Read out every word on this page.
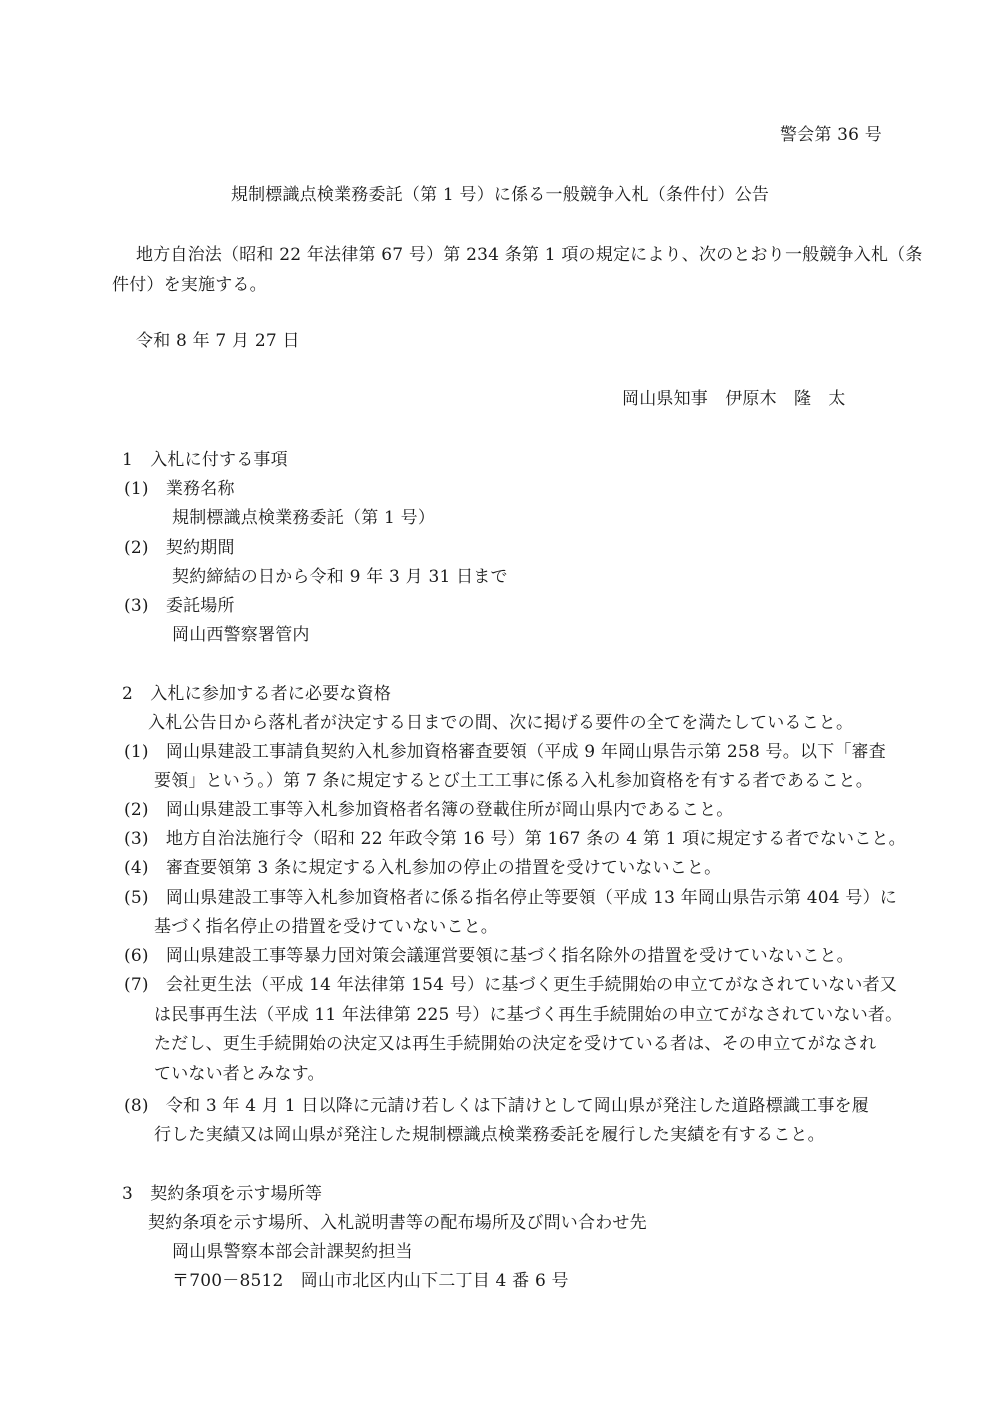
警会第 36 号
規制標識点検業務委託（第 1 号）に係る一般競争入札（条件付）公告
地方自治法（昭和 22 年法律第 67 号）第 234 条第 1 項の規定により、次のとおり一般競争入札（条
件付）を実施する。
令和 8 年 7 月 27 日
岡山県知事　伊原木　隆　太
1　入札に付する事項
(1)　業務名称
規制標識点検業務委託（第 1 号）
(2)　契約期間
契約締結の日から令和 9 年 3 月 31 日まで
(3)　委託場所
岡山西警察署管内
2　入札に参加する者に必要な資格
入札公告日から落札者が決定する日までの間、次に掲げる要件の全てを満たしていること。
(1)　岡山県建設工事請負契約入札参加資格審査要領（平成 9 年岡山県告示第 258 号。以下「審査
要領」という。）第 7 条に規定するとび土工工事に係る入札参加資格を有する者であること。
(2)　岡山県建設工事等入札参加資格者名簿の登載住所が岡山県内であること。
(3)　地方自治法施行令（昭和 22 年政令第 16 号）第 167 条の 4 第 1 項に規定する者でないこと。
(4)　審査要領第 3 条に規定する入札参加の停止の措置を受けていないこと。
(5)　岡山県建設工事等入札参加資格者に係る指名停止等要領（平成 13 年岡山県告示第 404 号）に
基づく指名停止の措置を受けていないこと。
(6)　岡山県建設工事等暴力団対策会議運営要領に基づく指名除外の措置を受けていないこと。
(7)　会社更生法（平成 14 年法律第 154 号）に基づく更生手続開始の申立てがなされていない者又
は民事再生法（平成 11 年法律第 225 号）に基づく再生手続開始の申立てがなされていない者。
ただし、更生手続開始の決定又は再生手続開始の決定を受けている者は、その申立てがなされ
ていない者とみなす。
(8)　令和 3 年 4 月 1 日以降に元請け若しくは下請けとして岡山県が発注した道路標識工事を履
行した実績又は岡山県が発注した規制標識点検業務委託を履行した実績を有すること。
3　契約条項を示す場所等
契約条項を示す場所、入札説明書等の配布場所及び問い合わせ先
岡山県警察本部会計課契約担当
〒700－8512　岡山市北区内山下二丁目 4 番 6 号
